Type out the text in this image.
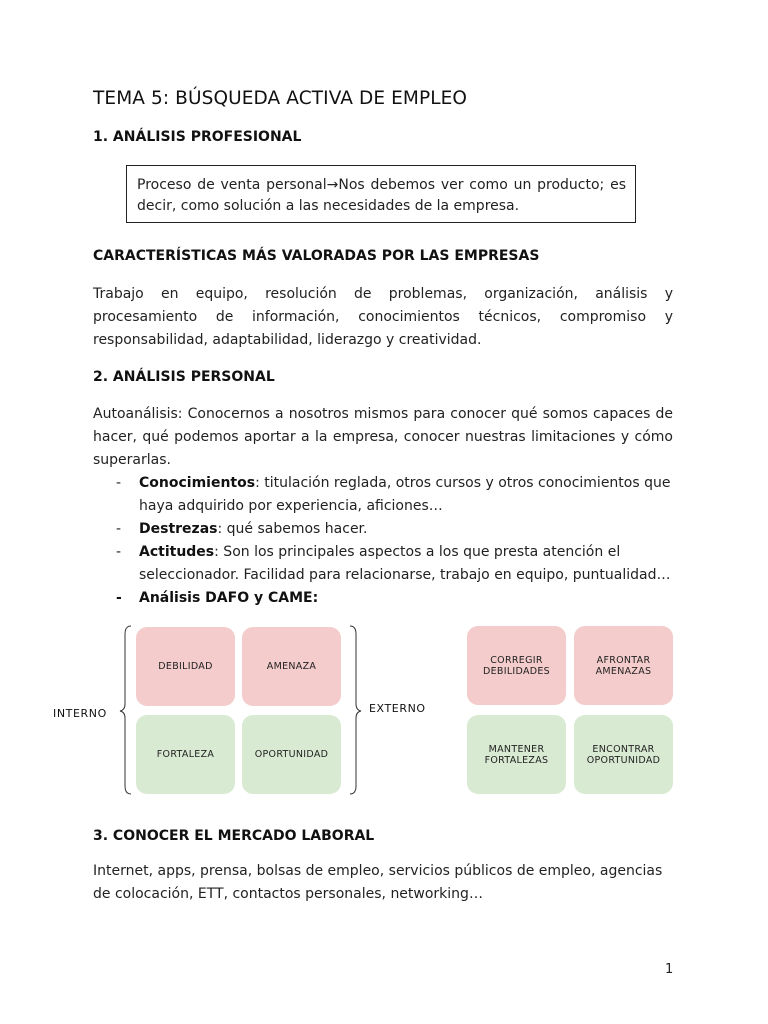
TEMA 5: BÚSQUEDA ACTIVA DE EMPLEO
1. ANÁLISIS PROFESIONAL
Proceso de venta personal→Nos debemos ver como un producto; es
decir, como solución a las necesidades de la empresa.
CARACTERÍSTICAS MÁS VALORADAS POR LAS EMPRESAS
Trabajo en equipo, resolución de problemas, organización, análisis y procesamiento de información, conocimientos técnicos, compromiso y responsabilidad, adaptabilidad, liderazgo y creatividad.
2. ANÁLISIS PERSONAL
Autoanálisis: Conocernos a nosotros mismos para conocer qué somos capaces de hacer, qué podemos aportar a la empresa, conocer nuestras limitaciones y cómo superarlas.
- Conocimientos: titulación reglada, otros cursos y otros conocimientos que haya adquirido por experiencia, aficiones…
- Destrezas: qué sabemos hacer.
- Actitudes: Son los principales aspectos a los que presta atención el seleccionador. Facilidad para relacionarse, trabajo en equipo, puntualidad…
- Análisis DAFO y CAME:
INTERNO	EXTERNO
DEBILIDAD	AMENAZA
FORTALEZA	OPORTUNIDAD
CORREGIR DEBILIDADES
AFRONTAR AMENAZAS
MANTENER FORTALEZAS
ENCONTRAR OPORTUNIDAD
3. CONOCER EL MERCADO LABORAL
Internet, apps, prensa, bolsas de empleo, servicios públicos de empleo, agencias de colocación, ETT, contactos personales, networking…
1
